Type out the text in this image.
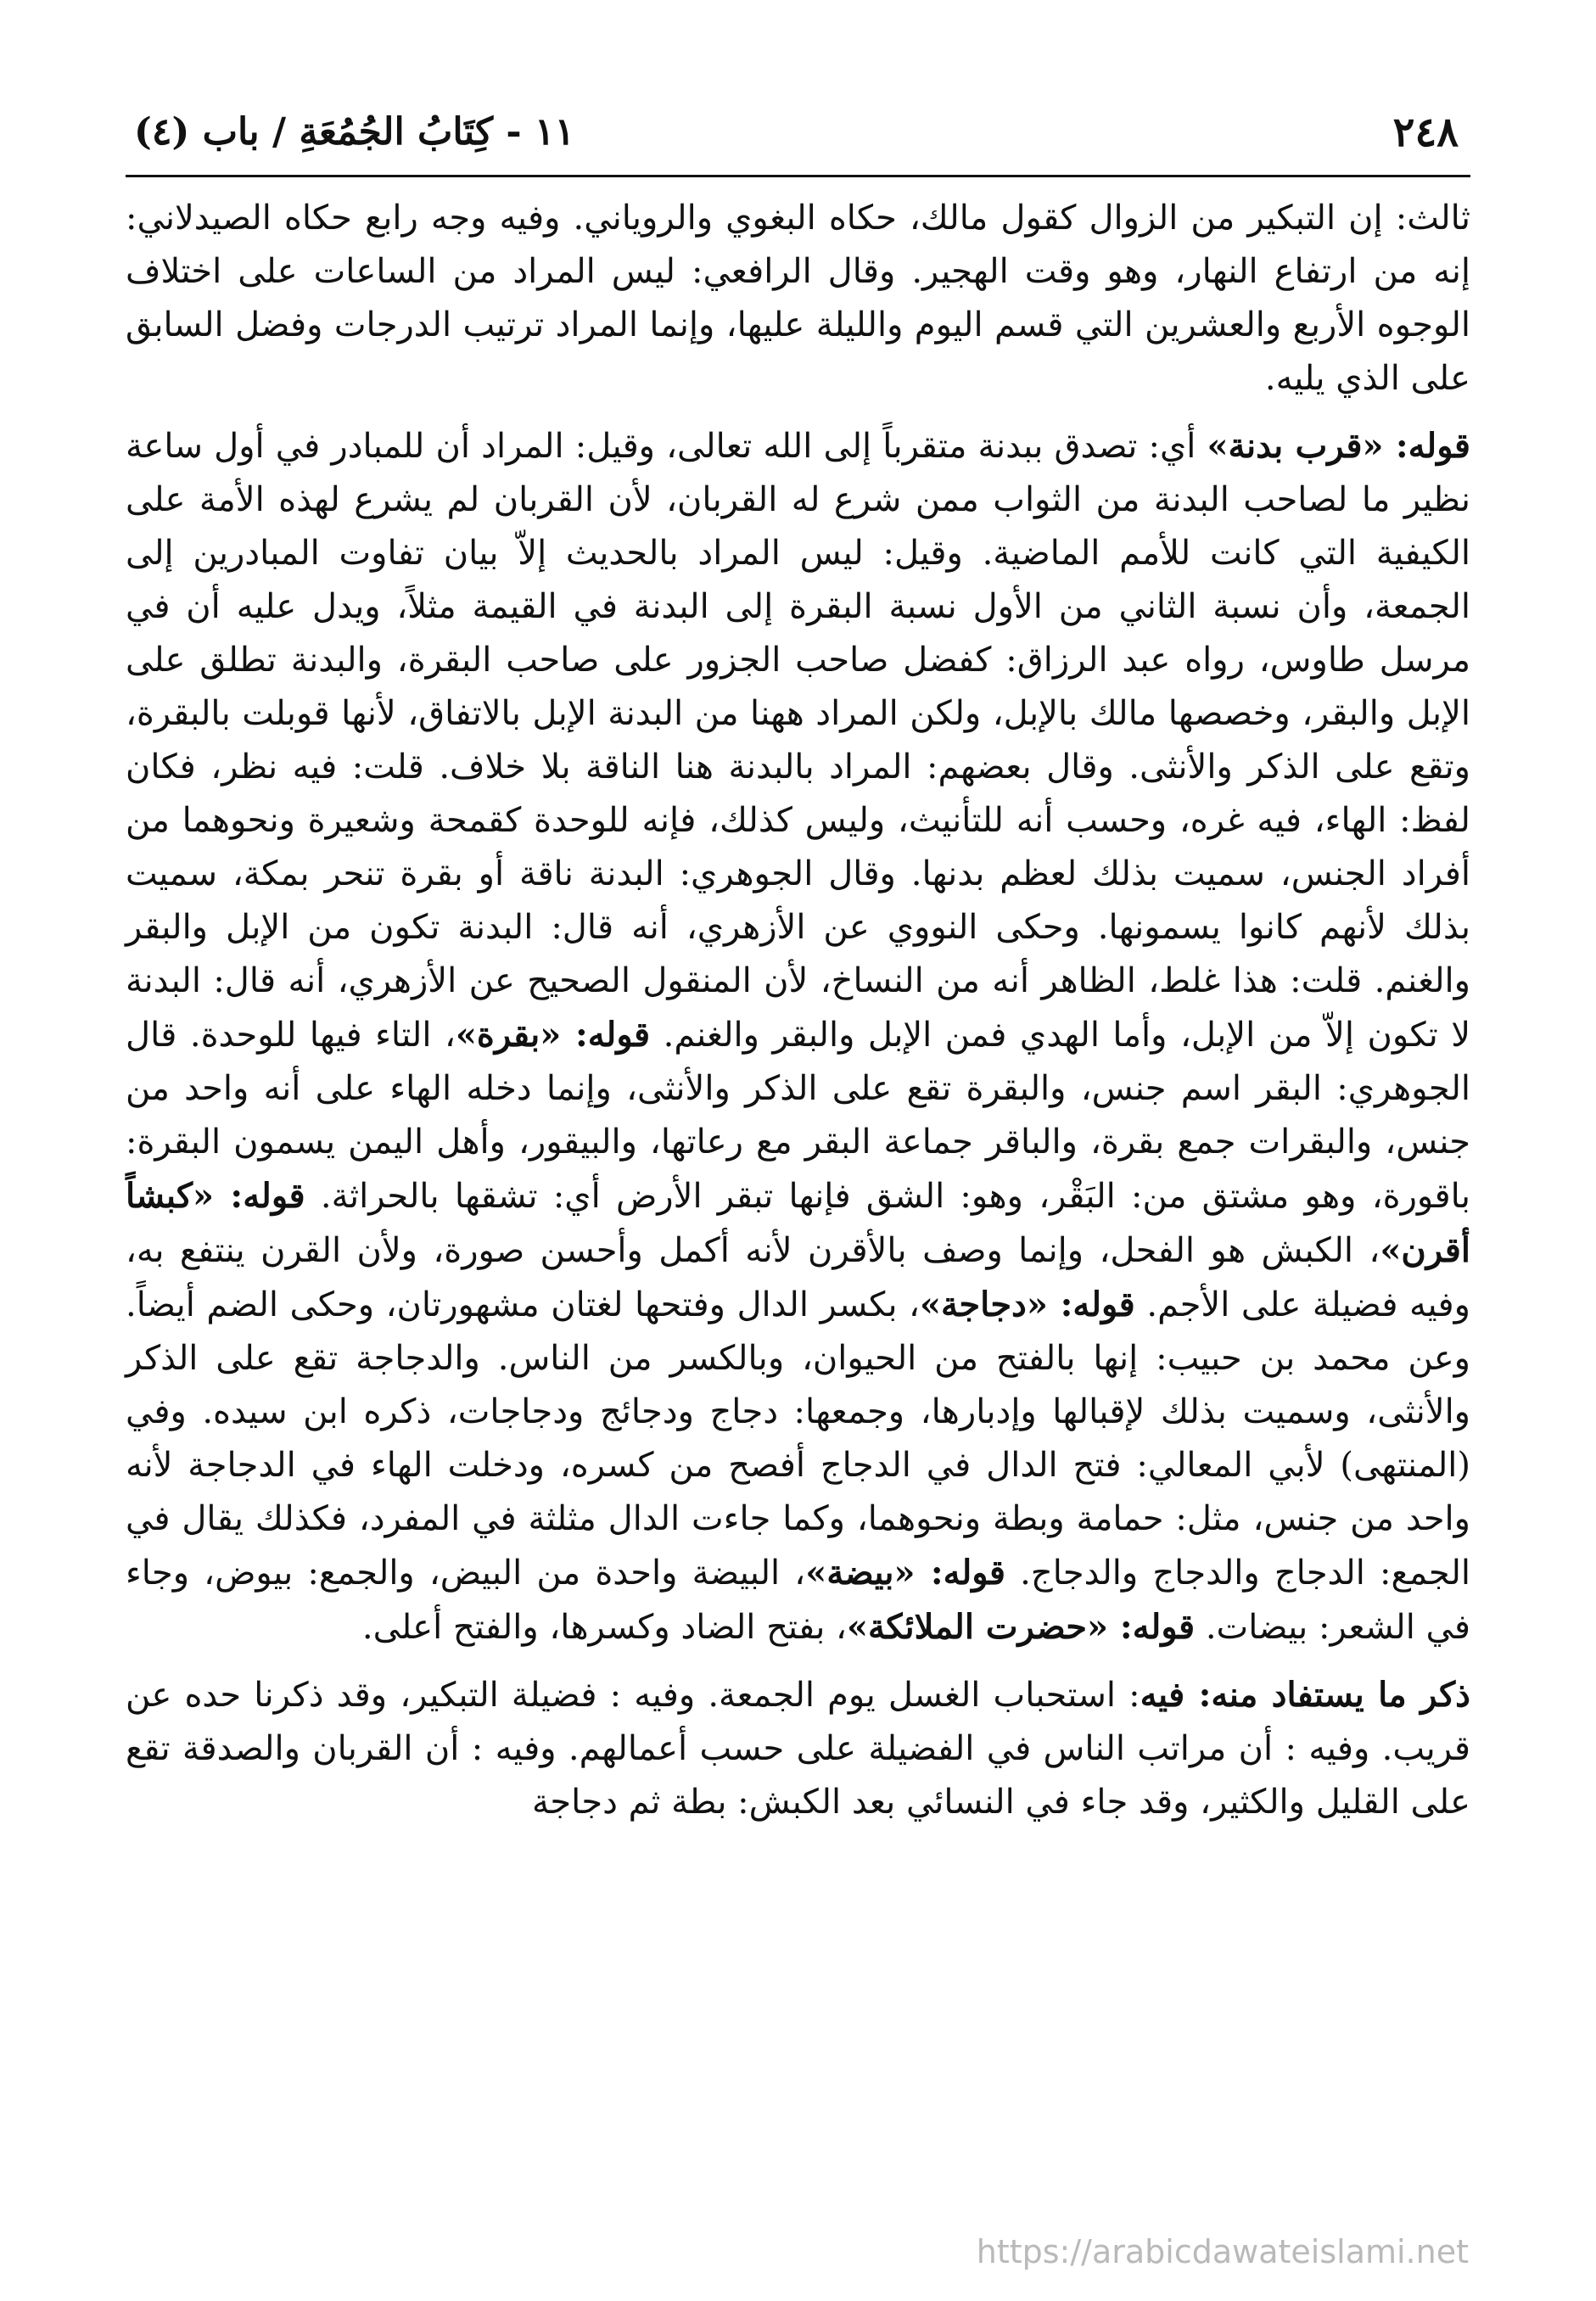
٢٤٨
١١ - كِتَابُ الجُمُعَةِ / باب (٤)

ثالث: إن التبكير من الزوال كقول مالك، حكاه البغوي والروياني. وفيه وجه رابع حكاه الصيدلاني: إنه من ارتفاع النهار، وهو وقت الهجير. وقال الرافعي: ليس المراد من الساعات على اختلاف الوجوه الأربع والعشرين التي قسم اليوم والليلة عليها، وإنما المراد ترتيب الدرجات وفضل السابق على الذي يليه.

قوله: «قرب بدنة» أي: تصدق ببدنة متقرباً إلى الله تعالى، وقيل: المراد أن للمبادر في أول ساعة نظير ما لصاحب البدنة من الثواب ممن شرع له القربان، لأن القربان لم يشرع لهذه الأمة على الكيفية التي كانت للأمم الماضية. وقيل: ليس المراد بالحديث إلاّ بيان تفاوت المبادرين إلى الجمعة، وأن نسبة الثاني من الأول نسبة البقرة إلى البدنة في القيمة مثلاً، ويدل عليه أن في مرسل طاوس، رواه عبد الرزاق: كفضل صاحب الجزور على صاحب البقرة، والبدنة تطلق على الإبل والبقر، وخصصها مالك بالإبل، ولكن المراد ههنا من البدنة الإبل بالاتفاق، لأنها قوبلت بالبقرة، وتقع على الذكر والأنثى. وقال بعضهم: المراد بالبدنة هنا الناقة بلا خلاف. قلت: فيه نظر، فكان لفظ: الهاء، فيه غره، وحسب أنه للتأنيث، وليس كذلك، فإنه للوحدة كقمحة وشعيرة ونحوهما من أفراد الجنس، سميت بذلك لعظم بدنها. وقال الجوهري: البدنة ناقة أو بقرة تنحر بمكة، سميت بذلك لأنهم كانوا يسمونها. وحكى النووي عن الأزهري، أنه قال: البدنة تكون من الإبل والبقر والغنم. قلت: هذا غلط، الظاهر أنه من النساخ، لأن المنقول الصحيح عن الأزهري، أنه قال: البدنة لا تكون إلاّ من الإبل، وأما الهدي فمن الإبل والبقر والغنم. قوله: «بقرة»، التاء فيها للوحدة. قال الجوهري: البقر اسم جنس، والبقرة تقع على الذكر والأنثى، وإنما دخله الهاء على أنه واحد من جنس، والبقرات جمع بقرة، والباقر جماعة البقر مع رعاتها، والبيقور، وأهل اليمن يسمون البقرة: باقورة، وهو مشتق من: البَقْر، وهو: الشق فإنها تبقر الأرض أي: تشقها بالحراثة. قوله: «كبشاً أقرن»، الكبش هو الفحل، وإنما وصف بالأقرن لأنه أكمل وأحسن صورة، ولأن القرن ينتفع به، وفيه فضيلة على الأجم. قوله: «دجاجة»، بكسر الدال وفتحها لغتان مشهورتان، وحكى الضم أيضاً. وعن محمد بن حبيب: إنها بالفتح من الحيوان، وبالكسر من الناس. والدجاجة تقع على الذكر والأنثى، وسميت بذلك لإقبالها وإدبارها، وجمعها: دجاج ودجائج ودجاجات، ذكره ابن سيده. وفي (المنتهى) لأبي المعالي: فتح الدال في الدجاج أفصح من كسره، ودخلت الهاء في الدجاجة لأنه واحد من جنس، مثل: حمامة وبطة ونحوهما، وكما جاءت الدال مثلثة في المفرد، فكذلك يقال في الجمع: الدجاج والدجاج والدجاج. قوله: «بيضة»، البيضة واحدة من البيض، والجمع: بيوض، وجاء في الشعر: بيضات. قوله: «حضرت الملائكة»، بفتح الضاد وكسرها، والفتح أعلى.

ذكر ما يستفاد منه: فيه: استحباب الغسل يوم الجمعة. وفيه : فضيلة التبكير، وقد ذكرنا حده عن قريب. وفيه : أن مراتب الناس في الفضيلة على حسب أعمالهم. وفيه : أن القربان والصدقة تقع على القليل والكثير، وقد جاء في النسائي بعد الكبش: بطة ثم دجاجة

https://arabicdawateislami.net
